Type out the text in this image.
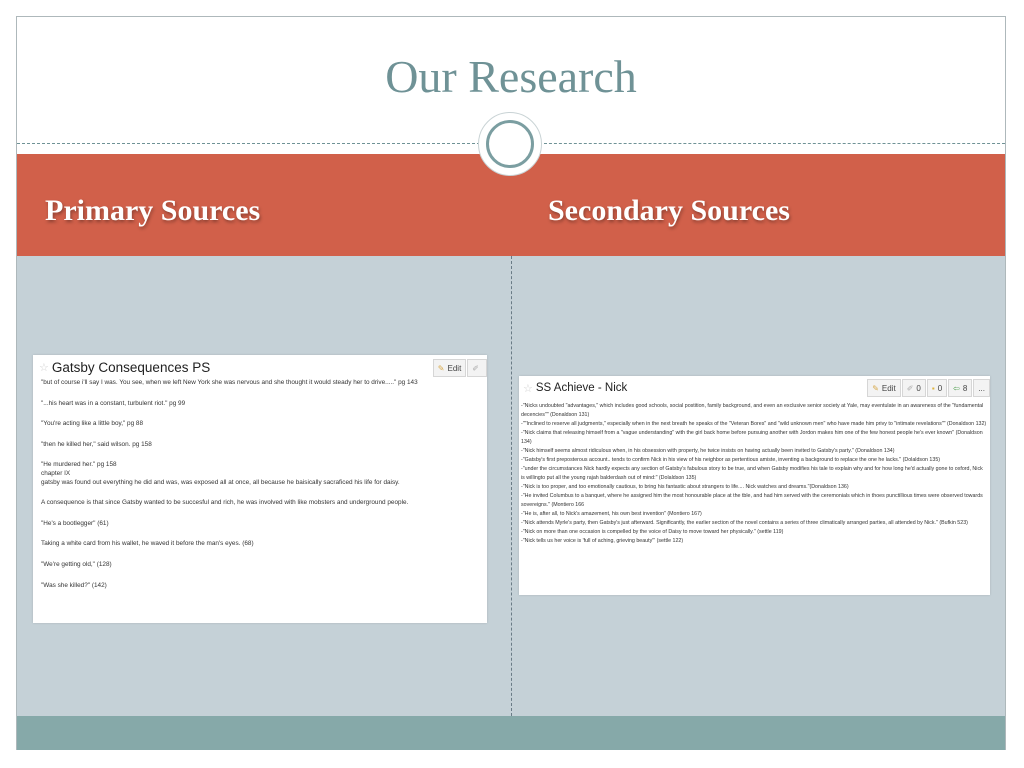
Our Research
Primary Sources	Secondary Sources
☆ Gatsby Consequences PS	✎ Edit ✐

"but of course i'll say I was. You see, when we left New York she was nervous and she thought it would steady her to drive....." pg 143

"...his heart was in a constant, turbulent riot." pg 99

"You're acting like a little boy," pg 88

"then he killed her," said wilson. pg 158

"He murdered her." pg 158

chapter IX

gatsby was found out everything he did and was, was exposed all at once, all because he baisically sacraficed his life for daisy.

A consequence is that since Gatsby wanted to be succesful and rich, he was involved with like mobsters and underground people.

"He's a bootlegger" (61)

Taking a white card from his wallet, he waved it before the man's eyes. (68)

"We're getting old," (128)

"Was she killed?" (142)

☆ SS Achieve - Nick	✎ Edit ✐ 0 ▪ 0 ⇦ 8 ...

-"Nicks undoubted "advantages," which includes good schools, social postition, family background, and even an exclusive senior society at Yale, may eventulate in an awareness of the "fundamental decencies"" (Donaldson 131)

-""Inclined to reserve all judgments," especially when in the next breath he speaks of the "Veteran Bores" and "wild unknown men" who have made him privy to "intimate revelations"" (Donaldson 132)

-"Nick claims that releasing himself from a "vague understanding" with the girl back home before pursuing another with Jordon makes him one of the few honest people he's ever known" (Donaldson 134)

-"Nick himself seems almost ridiculous when, in his obsession with property, he twice insists on having actually been invited to Gatsby's party." (Donaldson 134)

-"Gatsby's first preposterous account.. tends to confirm Nick in his view of his neighbor as pertentious amiste, inventing a background to replace the one he lacks." (Dolaldson 135)

-"under the circumstances Nick hardly expects any section of Gatsby's fabulous story to be true, and when Gatsby modifies his tale to explain why and for how long he'd actually gone to oxford, Nick is willingto put all the young rajah balderdash out of mind:" (Dolaldson 135)

-"Nick is too proper, and too emotionally cautious, to bring his fantastic about strangers to life.... Nick watches and dreams."(Donaldson 136)

-"He invited Columbus to a banquet, where he assigned him the most honourable place at the tble, and had him served with the ceremonials which in thoes punctillious times were observed towards sovereigns." (Montiero 166

-"He is, after all, to Nick's amazement, his own best invention" (Montiero 167)

-"Nick attends Myrle's party, then Gatsby's just afterward. Significantly, the earlier section of the novel contains a series of three climatically arranged parties, all attended by Nick." (Bufkin 523)

-"Nick on more than one occasion is compelled by the voice of Daisy to move toward her physically." (settle 119)

-"Nick tells us her voice is 'full of aching, grieving beauty'" (settle 122)
